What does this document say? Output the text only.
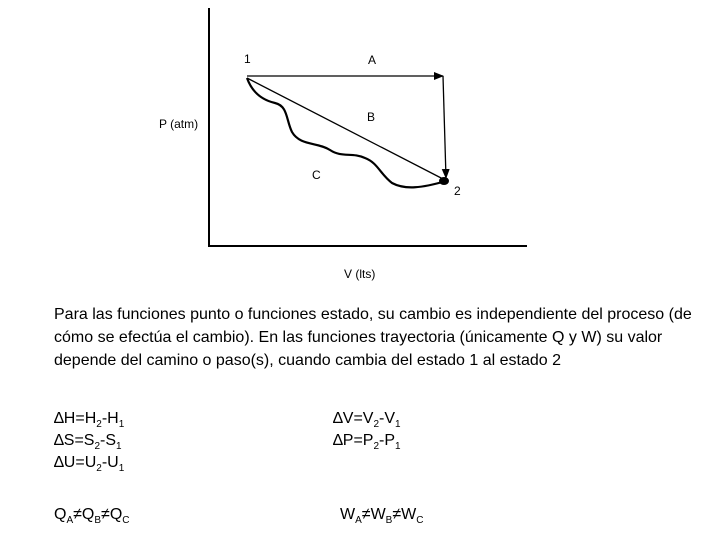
1	A
B
P (atm)
C
2
V (lts)
Para las funciones punto o funciones estado, su cambio es independiente del proceso (de cómo se efectúa el cambio). En las funciones trayectoria (únicamente Q y W) su valor depende del camino o paso(s), cuando cambia del estado 1 al estado 2
$\Delta H=H_2-H_1$
$\Delta S=S_2-S_1$
$\Delta U=U_2-U_1$
$\Delta V=V_2-V_1$
$\Delta P=P_2-P_1$
$Q_A\ne Q_B\ne Q_C$	$W_A\ne W_B\ne W_C$
